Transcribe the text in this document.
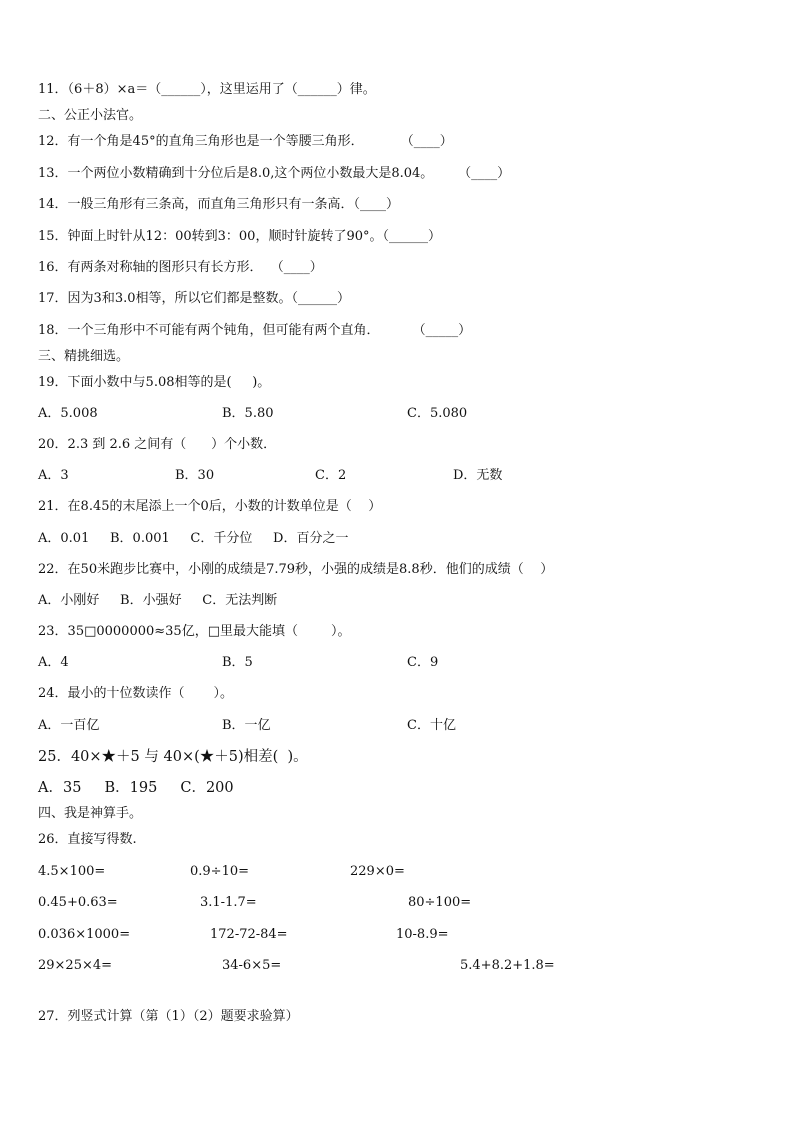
11．（6＋8）×a＝（______），这里运用了（______）律。
二、公正小法官。
12．有一个角是45°的直角三角形也是一个等腰三角形．         （____）
13．一个两位小数精确到十分位后是8.0,这个两位小数最大是8.04。      （____）
14．一般三角形有三条高，而直角三角形只有一条高．（____）
15．钟面上时针从12：00转到3：00，顺时针旋转了90°。（______）
16．有两条对称轴的图形只有长方形．  （____）
17．因为3和3.0相等，所以它们都是整数。（______）
18．一个三角形中不可能有两个钝角，但可能有两个直角．        （_____）
三、精挑细选。
19．下面小数中与5.08相等的是(     )。
A．5.008	B．5.80	C．5.080
20．2.3 到 2.6 之间有（      ）个小数．
A．3	B．30	C．2	D．无数
21．在8.45的末尾添上一个0后，小数的计数单位是（    ）
A．0.01     B．0.001     C．千分位     D．百分之一
22．在50米跑步比赛中，小刚的成绩是7.79秒，小强的成绩是8.8秒．他们的成绩（    ）
A．小刚好     B．小强好     C．无法判断
23．35□0000000≈35亿，□里最大能填（        ）。
A．4	B．5	C．9
24．最小的十位数读作（       ）。
A．一百亿	B．一亿	C．十亿
25．40×★＋5 与 40×(★＋5)相差(  )。
A．35     B．195     C．200
四、我是神算手。
26．直接写得数.
4.5×100=	0.9÷10=	229×0=
0.45+0.63=	3.1-1.7=	80÷100=
0.036×1000=	172-72-84=	10-8.9=
29×25×4=	34-6×5=	5.4+8.2+1.8=
27．列竖式计算（第（1）（2）题要求验算）
